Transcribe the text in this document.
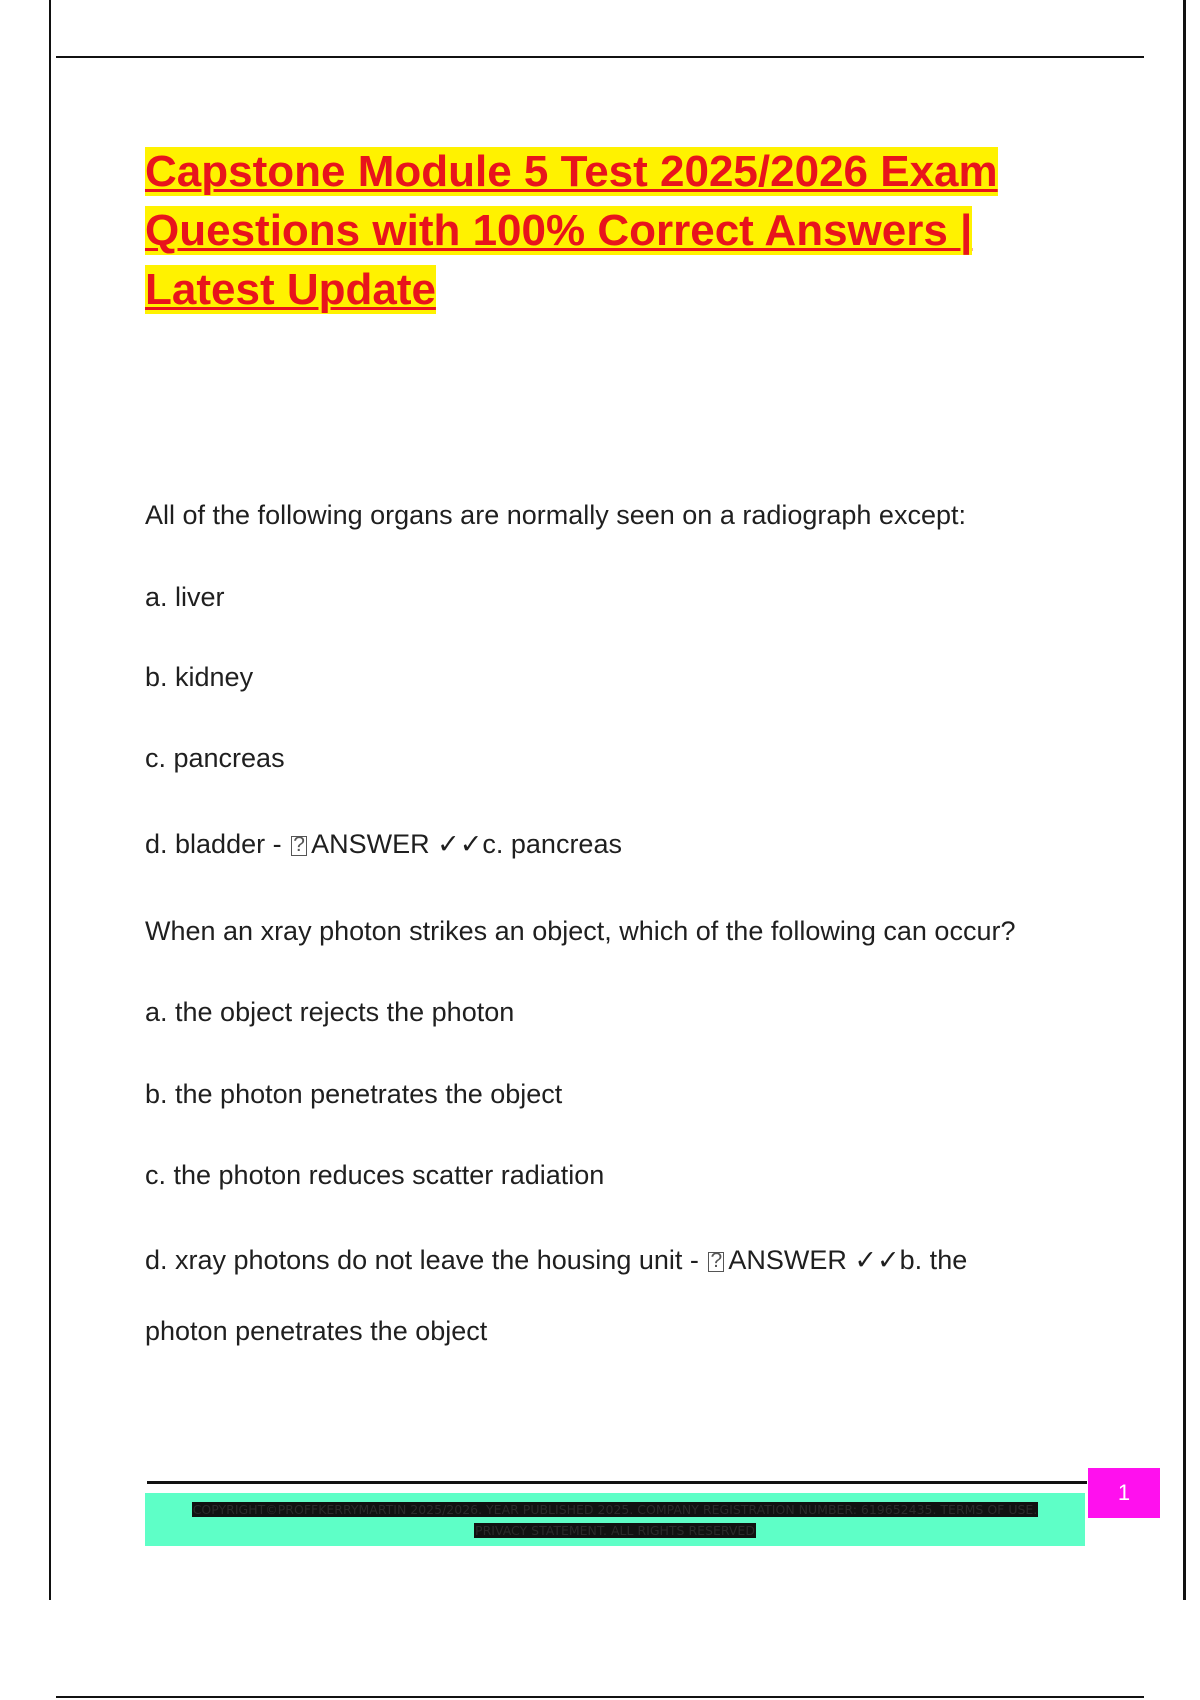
Capstone Module 5 Test 2025/2026 Exam Questions with 100% Correct Answers | Latest Update

All of the following organs are normally seen on a radiograph except:

a. liver

b. kidney

c. pancreas

d. bladder - ? ANSWER ✓✓c. pancreas

When an xray photon strikes an object, which of the following can occur?

a. the object rejects the photon

b. the photon penetrates the object

c. the photon reduces scatter radiation

d. xray photons do not leave the housing unit - ? ANSWER ✓✓b. the

photon penetrates the object

COPYRIGHT©PROFFKERRYMARTIN 2025/2026. YEAR PUBLISHED 2025. COMPANY REGISTRATION NUMBER: 619652435. TERMS OF USE.
PRIVACY STATEMENT. ALL RIGHTS RESERVED
1
